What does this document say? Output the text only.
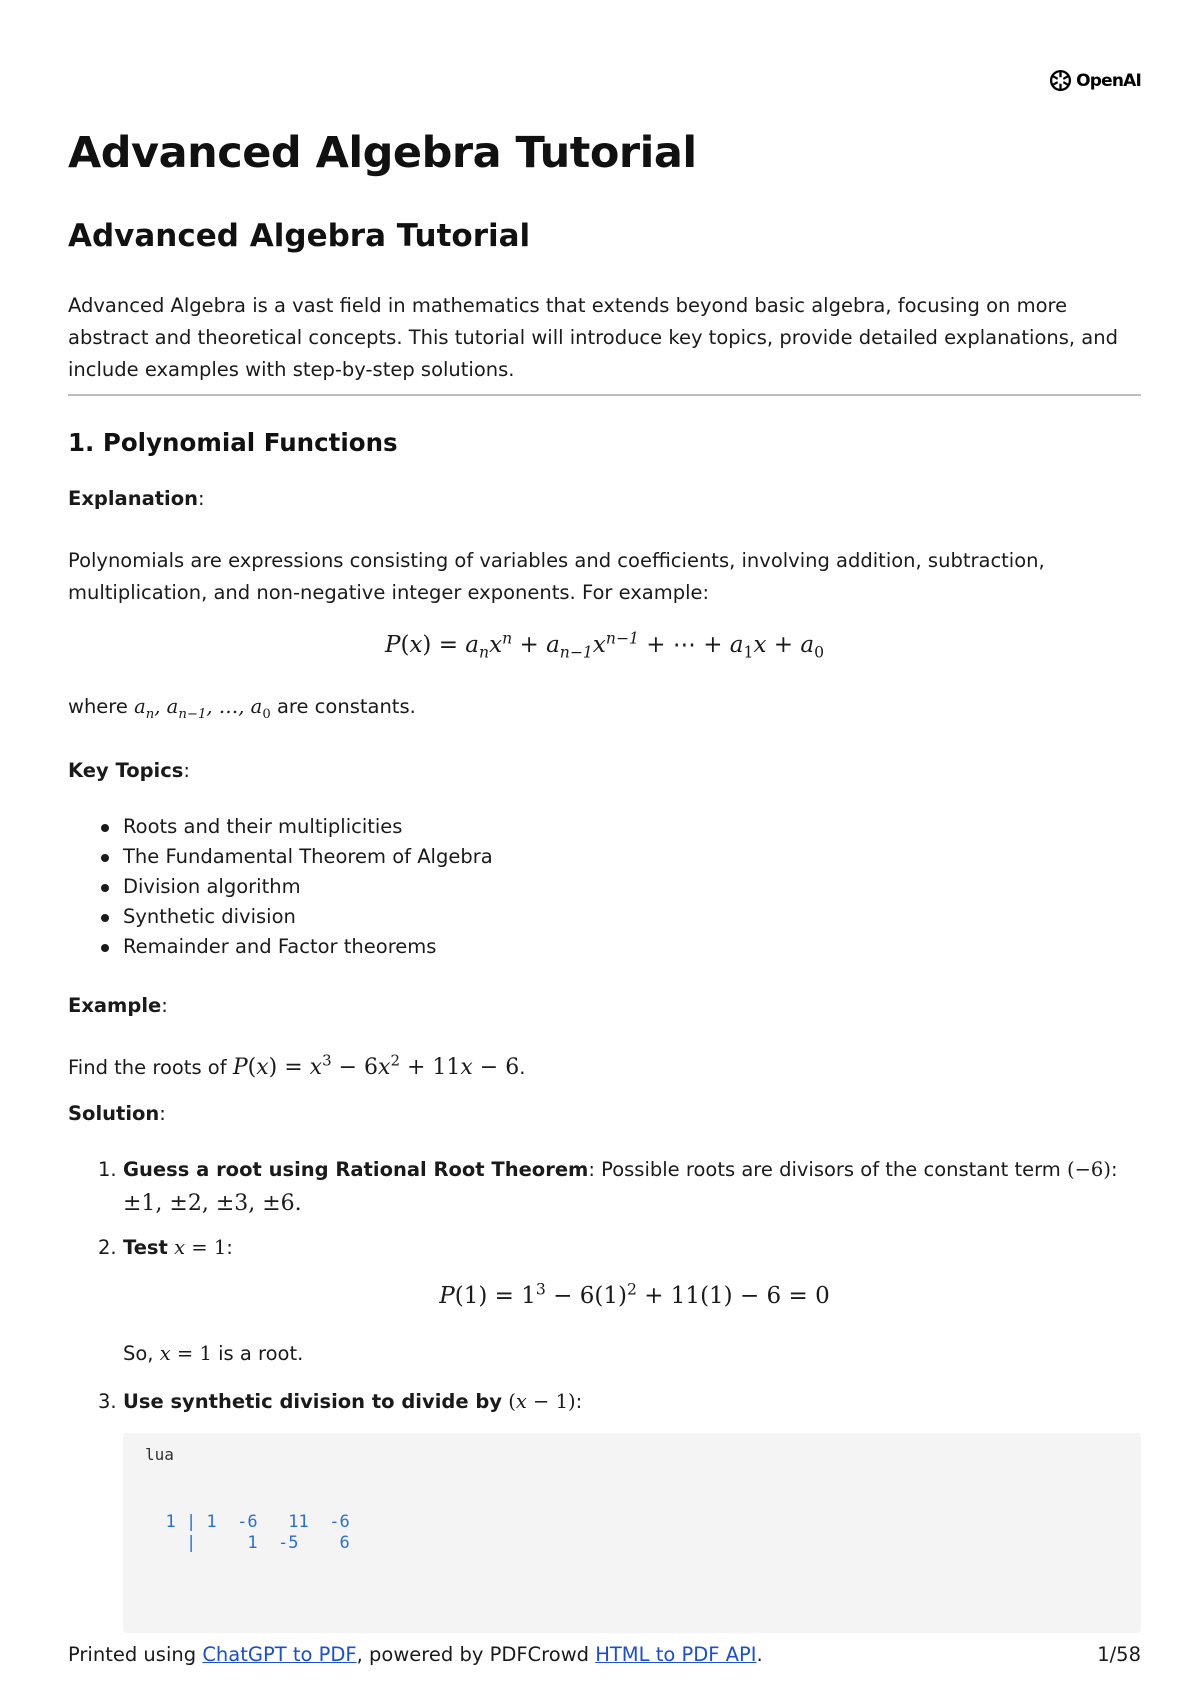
OpenAI
Advanced Algebra Tutorial
Advanced Algebra Tutorial

Advanced Algebra is a vast field in mathematics that extends beyond basic algebra, focusing on more abstract and theoretical concepts. This tutorial will introduce key topics, provide detailed explanations, and include examples with step-by-step solutions.

1. Polynomial Functions

Explanation:

Polynomials are expressions consisting of variables and coefficients, involving addition, subtraction, multiplication, and non-negative integer exponents. For example:

$P(x) = a_nx^n + a_{n-1}x^{n-1}$ + ⋯ + $a_1x + a_0$

where $a_n$, $a_{n-1}$, …, $a_0$ are constants.

Key Topics:

Roots and their multiplicities
The Fundamental Theorem of Algebra
Division algorithm
Synthetic division
Remainder and Factor theorems

Example:

Find the roots of $P(x) = x^3 - 6x^2 + 11x - 6$.

Solution:

1. Guess a root using Rational Root Theorem: Possible roots are divisors of the constant term (−6):
±1, ±2, ±3, ±6.
2. Test x = 1:
$P(1) = 1^3 - 6(1)^2 + 11(1) - 6 = 0$
So, x = 1 is a root.
3. Use synthetic division to divide by (x − 1):
lua
1 | 1  -6   11  -6
|     1  -5    6
Printed using ChatGPT to PDF, powered by PDFCrowd HTML to PDF API.	1/58
